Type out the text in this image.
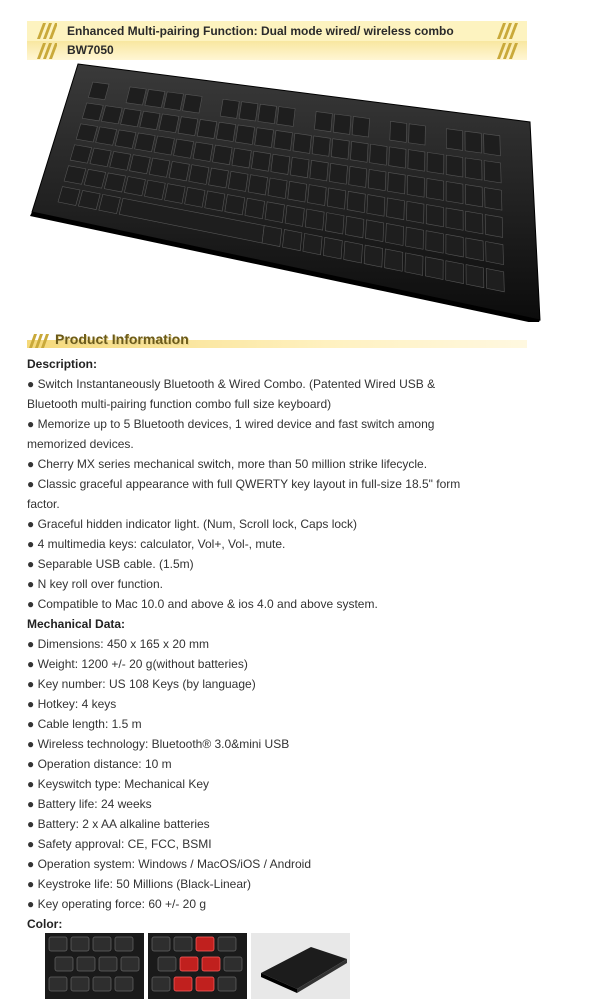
Enhanced Multi-pairing Function: Dual mode wired/ wireless combo
BW7050
Product Information

Description:

● Switch Instantaneously Bluetooth & Wired Combo. (Patented Wired USB & Bluetooth multi-pairing function combo full size keyboard)

● Memorize up to 5 Bluetooth devices, 1 wired device and fast switch among memorized devices.

● Cherry MX series mechanical switch, more than 50 million strike lifecycle.

● Classic graceful appearance with full QWERTY key layout in full-size 18.5" form factor.

● Graceful hidden indicator light. (Num, Scroll lock, Caps lock)

● 4 multimedia keys: calculator, Vol+, Vol-, mute.

● Separable USB cable. (1.5m)

● N key roll over function.

● Compatible to Mac 10.0 and above & ios 4.0 and above system.

Mechanical Data:

● Dimensions: 450 x 165 x 20 mm

● Weight: 1200 +/- 20 g(without batteries)

● Key number: US 108 Keys (by language)

● Hotkey: 4 keys

● Cable length: 1.5 m

● Wireless technology: Bluetooth® 3.0&mini USB

● Operation distance: 10 m

● Keyswitch type: Mechanical Key

● Battery life: 24 weeks

● Battery: 2 x AA alkaline batteries

● Safety approval: CE, FCC, BSMI

● Operation system: Windows / MacOS/iOS / Android

● Keystroke life: 50 Millions (Black-Linear)

● Key operating force: 60 +/- 20 g

Color:
